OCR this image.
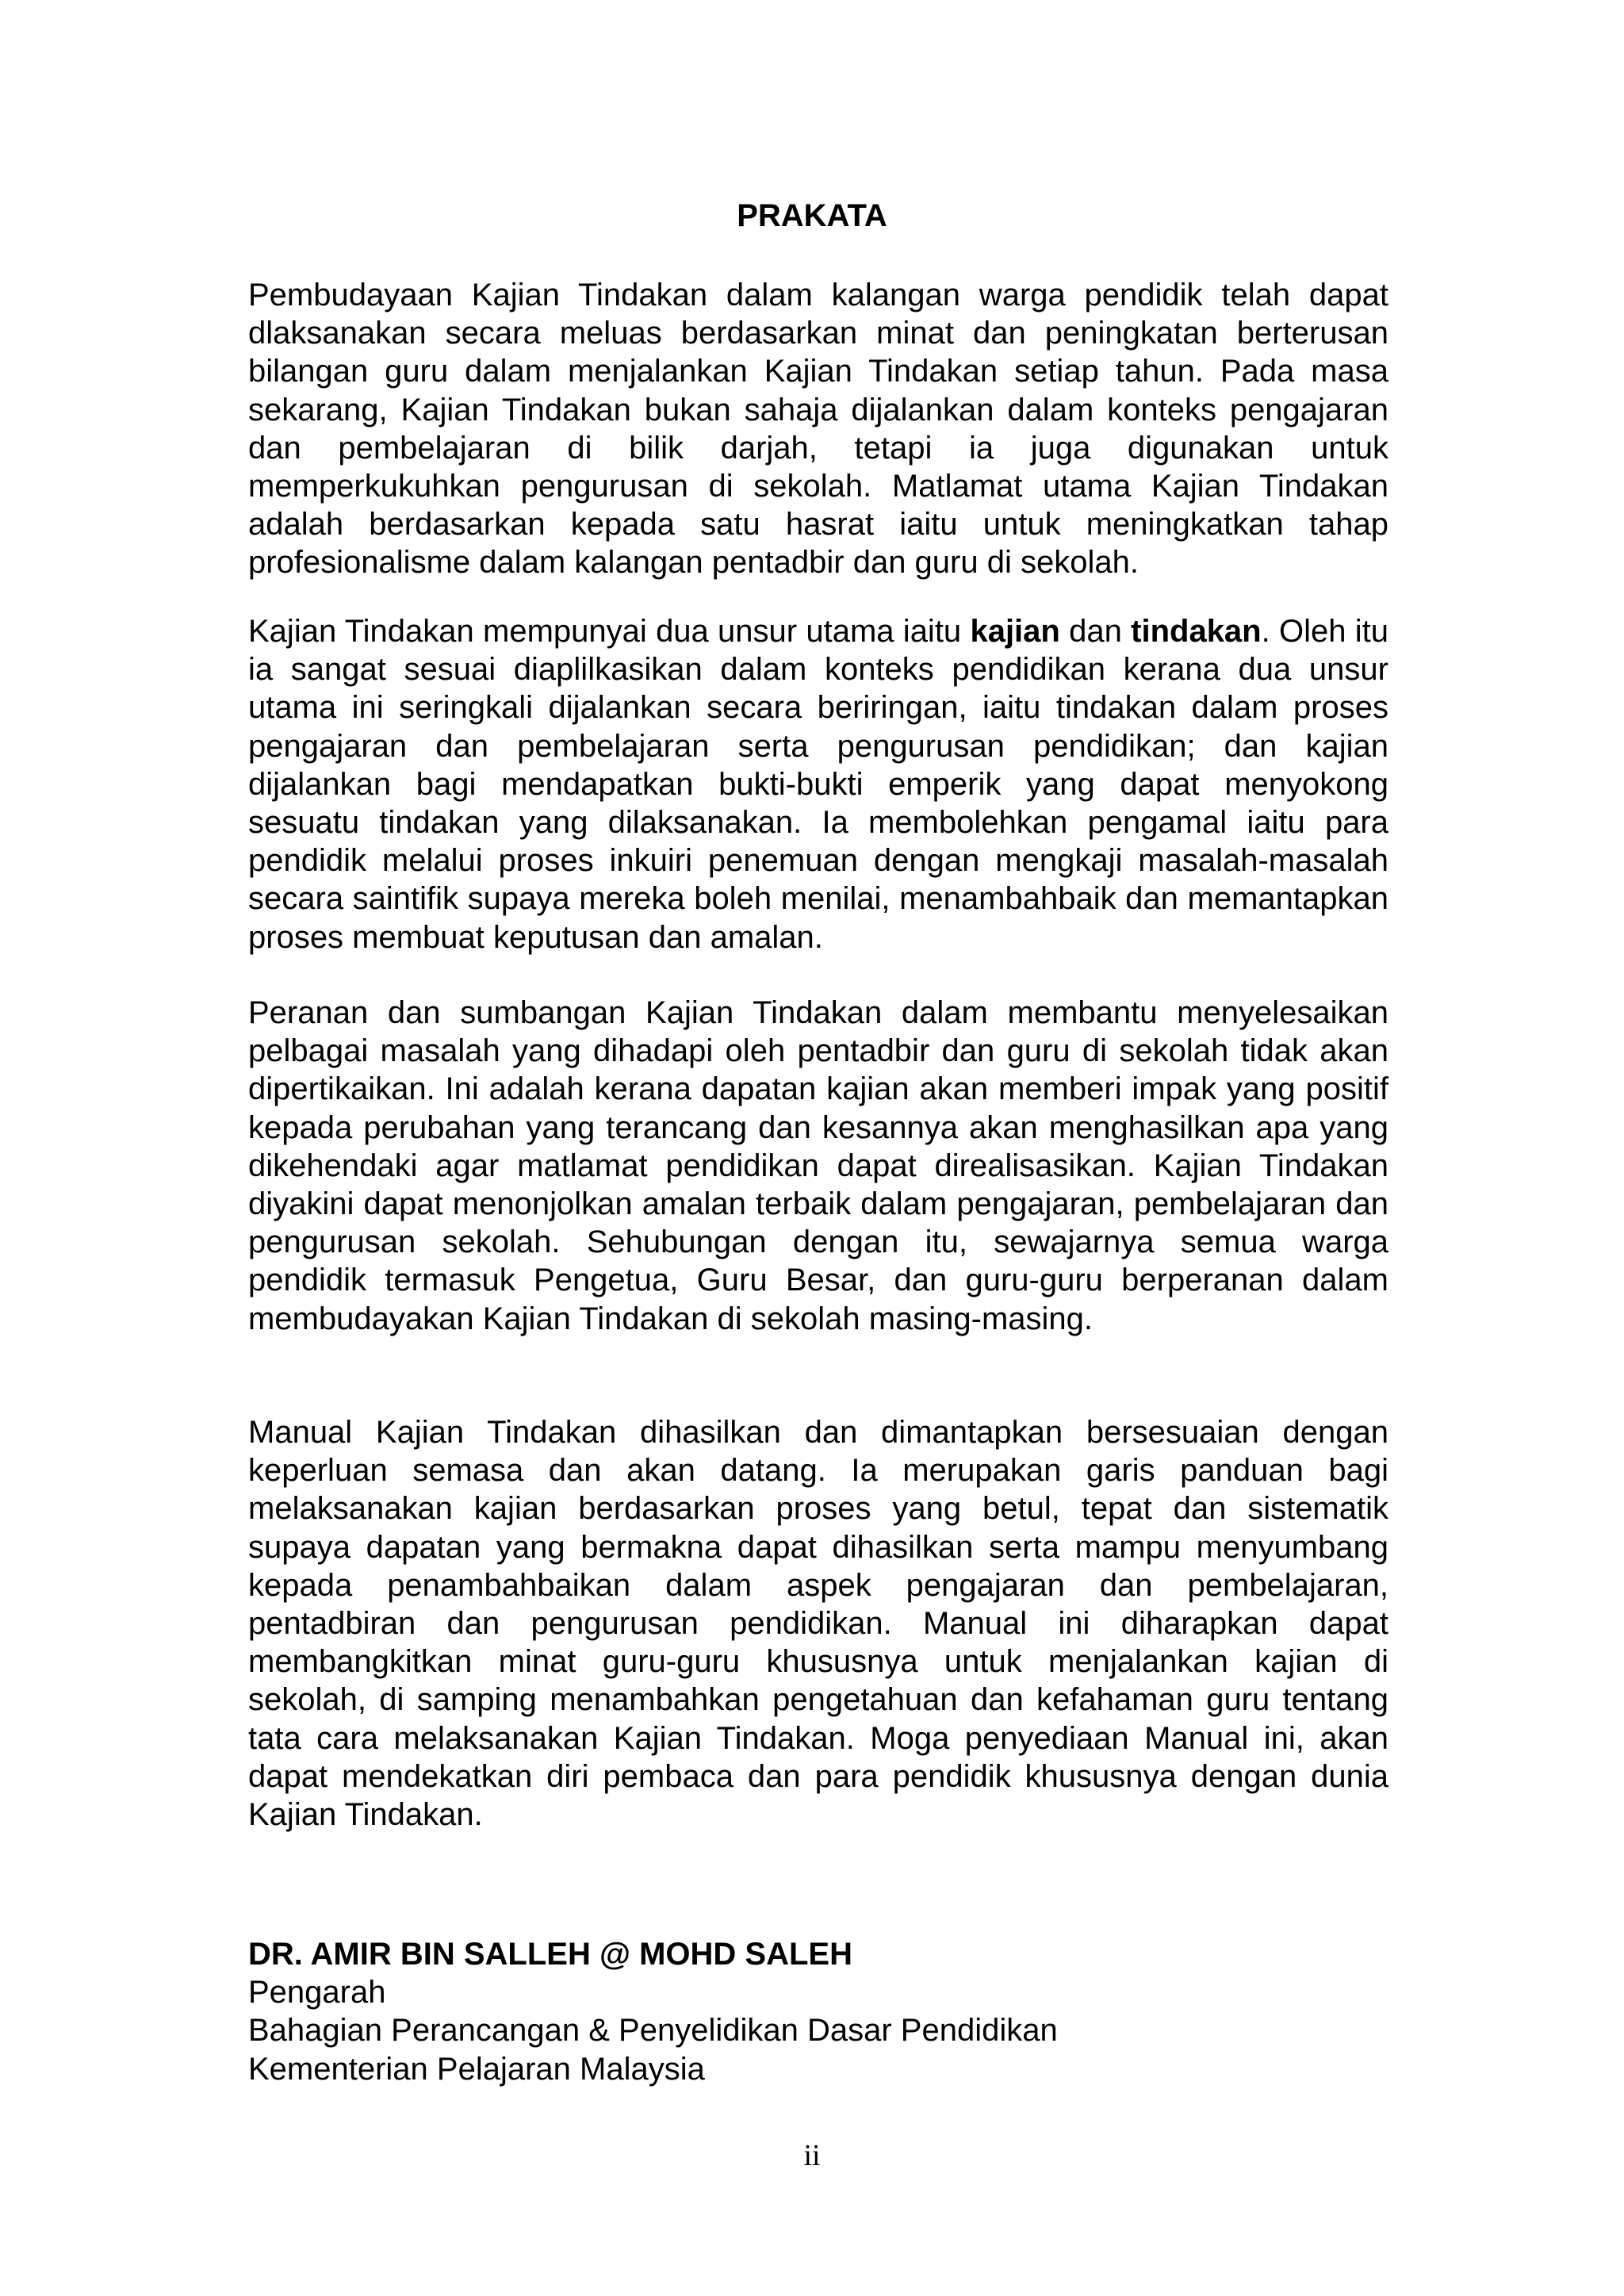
PRAKATA

Pembudayaan Kajian Tindakan dalam kalangan warga pendidik telah dapat dlaksanakan secara meluas berdasarkan minat dan peningkatan berterusan bilangan guru dalam menjalankan Kajian Tindakan setiap tahun. Pada masa sekarang, Kajian Tindakan bukan sahaja dijalankan dalam konteks pengajaran dan pembelajaran di bilik darjah, tetapi ia juga digunakan untuk memperkukuhkan pengurusan di sekolah. Matlamat utama Kajian Tindakan adalah berdasarkan kepada satu hasrat iaitu untuk meningkatkan tahap profesionalisme dalam kalangan pentadbir dan guru di sekolah.

Kajian Tindakan mempunyai dua unsur utama iaitu kajian dan tindakan. Oleh itu ia sangat sesuai diaplilkasikan dalam konteks pendidikan kerana dua unsur utama ini seringkali dijalankan secara beriringan, iaitu tindakan dalam proses pengajaran dan pembelajaran serta pengurusan pendidikan; dan kajian dijalankan bagi mendapatkan bukti-bukti emperik yang dapat menyokong sesuatu tindakan yang dilaksanakan. Ia membolehkan pengamal iaitu para pendidik melalui proses inkuiri penemuan dengan mengkaji masalah-masalah secara saintifik supaya mereka boleh menilai, menambahbaik dan memantapkan proses membuat keputusan dan amalan.

Peranan dan sumbangan Kajian Tindakan dalam membantu menyelesaikan pelbagai masalah yang dihadapi oleh pentadbir dan guru di sekolah tidak akan dipertikaikan. Ini adalah kerana dapatan kajian akan memberi impak yang positif kepada perubahan yang terancang dan kesannya akan menghasilkan apa yang dikehendaki agar matlamat pendidikan dapat direalisasikan. Kajian Tindakan diyakini dapat menonjolkan amalan terbaik dalam pengajaran, pembelajaran dan pengurusan sekolah. Sehubungan dengan itu, sewajarnya semua warga pendidik termasuk Pengetua, Guru Besar, dan guru-guru berperanan dalam membudayakan Kajian Tindakan di sekolah masing-masing.

Manual Kajian Tindakan dihasilkan dan dimantapkan bersesuaian dengan keperluan semasa dan akan datang. Ia merupakan garis panduan bagi melaksanakan kajian berdasarkan proses yang betul, tepat dan sistematik supaya dapatan yang bermakna dapat dihasilkan serta mampu menyumbang kepada penambahbaikan dalam aspek pengajaran dan pembelajaran, pentadbiran dan pengurusan pendidikan. Manual ini diharapkan dapat membangkitkan minat guru-guru khususnya untuk menjalankan kajian di sekolah, di samping menambahkan pengetahuan dan kefahaman guru tentang tata cara melaksanakan Kajian Tindakan. Moga penyediaan Manual ini, akan dapat mendekatkan diri pembaca dan para pendidik khususnya dengan dunia Kajian Tindakan.

DR. AMIR BIN SALLEH @ MOHD SALEH
Pengarah
Bahagian Perancangan & Penyelidikan Dasar Pendidikan
Kementerian Pelajaran Malaysia
ii
